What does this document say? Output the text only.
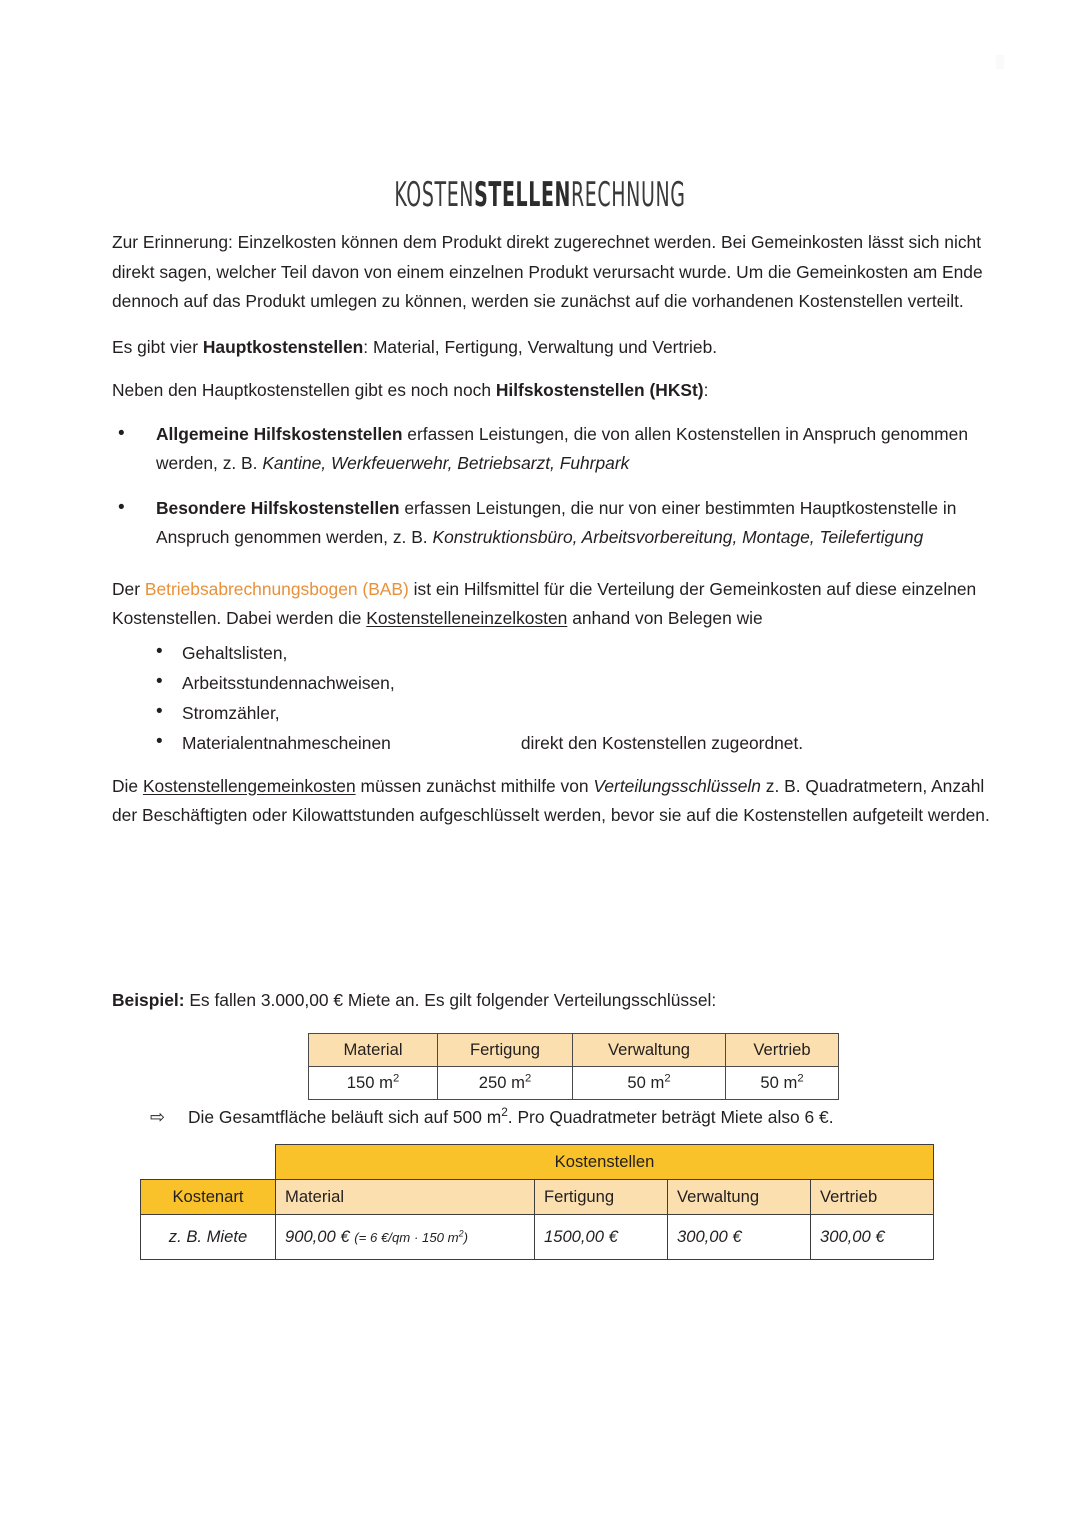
KOSTENSTELLENRECHNUNG

Zur Erinnerung: Einzelkosten können dem Produkt direkt zugerechnet werden. Bei Gemeinkosten lässt sich nicht direkt sagen, welcher Teil davon von einem einzelnen Produkt verursacht wurde. Um die Gemeinkosten am Ende dennoch auf das Produkt umlegen zu können, werden sie zunächst auf die vorhandenen Kostenstellen verteilt.

Es gibt vier Hauptkostenstellen: Material, Fertigung, Verwaltung und Vertrieb.

Neben den Hauptkostenstellen gibt es noch noch Hilfskostenstellen (HKSt):

• Allgemeine Hilfskostenstellen erfassen Leistungen, die von allen Kostenstellen in Anspruch genommen werden, z. B. Kantine, Werkfeuerwehr, Betriebsarzt, Fuhrpark
• Besondere Hilfskostenstellen erfassen Leistungen, die nur von einer bestimmten Hauptkostenstelle in Anspruch genommen werden, z. B. Konstruktionsbüro, Arbeitsvorbereitung, Montage, Teilefertigung

Der Betriebsabrechnungsbogen (BAB) ist ein Hilfsmittel für die Verteilung der Gemeinkosten auf diese einzelnen Kostenstellen. Dabei werden die Kostenstelleneinzelkosten anhand von Belegen wie

• Gehaltslisten,
• Arbeitsstundennachweisen,
• Stromzähler,
• Materialentnahmescheinen	direkt den Kostenstellen zugeordnet.

Die Kostenstellengemeinkosten müssen zunächst mithilfe von Verteilungsschlüsseln z. B. Quadratmetern, Anzahl der Beschäftigten oder Kilowattstunden aufgeschlüsselt werden, bevor sie auf die Kostenstellen aufgeteilt werden.

Beispiel: Es fallen 3.000,00 € Miete an. Es gilt folgender Verteilungsschlüssel:

Material	Fertigung	Verwaltung	Vertrieb
150 $m^2$	250 $m^2$	50 $m^2$	50 $m^2$

⇨ Die Gesamtfläche beläuft sich auf 500 $m^2$. Pro Quadratmeter beträgt Miete also 6 €.

	Kostenstellen			
Kostenart	Material	Fertigung	Verwaltung	Vertrieb
z. B. Miete	900,00 € (= 6 €/qm · 150 $m^2$)	1500,00 €	300,00 €	300,00 €
